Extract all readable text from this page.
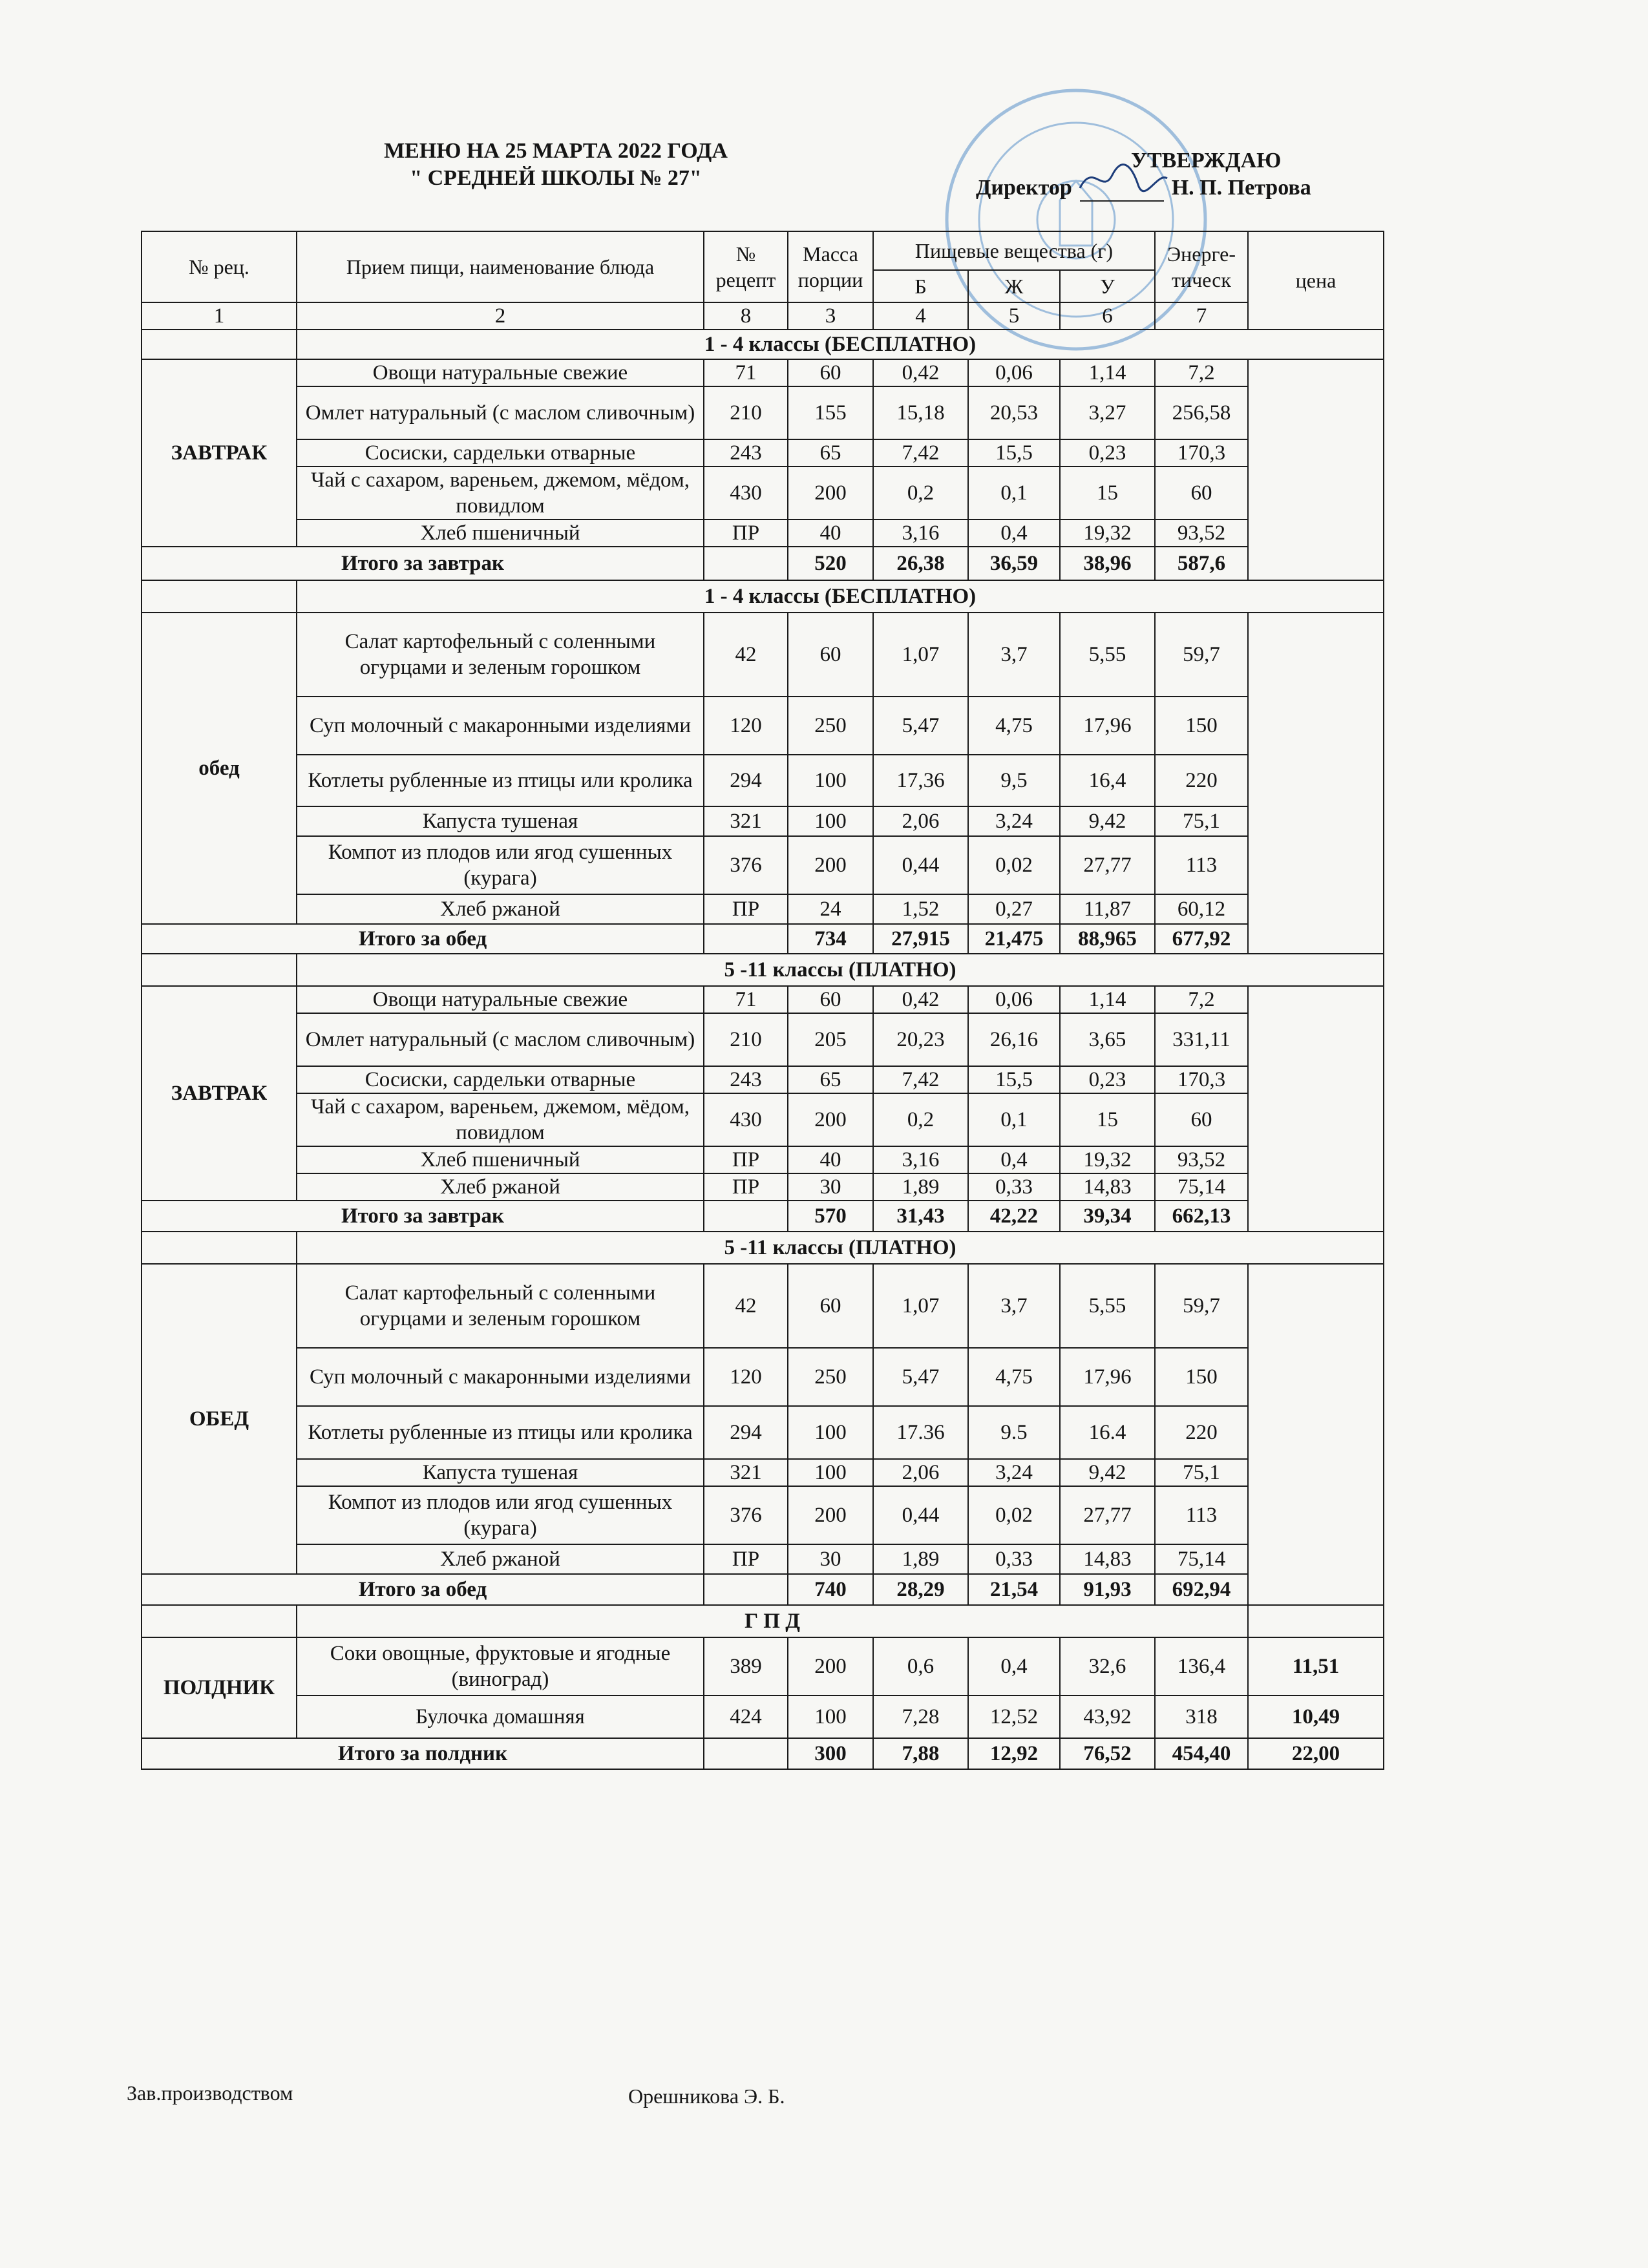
МЕНЮ НА 25 МАРТА 2022 ГОДА
" СРЕДНЕЙ ШКОЛЫ № 27"
УТВЕРЖДАЮ
Директор	Н. П. Петрова
№ рец.	Прием пищи, наименование блюда	№ рецепт	Масса порции	Пищевые вещества (г)			Энерге-тическ	цена
				Б	Ж	У		
1	2	8	3	4	5	6	7	
	1 - 4 классы (БЕСПЛАТНО)							
ЗАВТРАК	Овощи натуральные свежие	71	60	0,42	0,06	1,14	7,2	
	Омлет натуральный (с маслом сливочным)	210	155	15,18	20,53	3,27	256,58	
	Сосиски, сардельки отварные	243	65	7,42	15,5	0,23	170,3	
	Чай с сахаром, вареньем, джемом, мёдом, повидлом	430	200	0,2	0,1	15	60	
	Хлеб пшеничный	ПР	40	3,16	0,4	19,32	93,52	
Итого за завтрак			520	26,38	36,59	38,96	587,6	
	1 - 4 классы (БЕСПЛАТНО)							
обед	Салат картофельный с соленными огурцами и зеленым горошком	42	60	1,07	3,7	5,55	59,7	
	Суп молочный с макаронными изделиями	120	250	5,47	4,75	17,96	150	
	Котлеты рубленные из птицы или кролика	294	100	17,36	9,5	16,4	220	
	Капуста тушеная	321	100	2,06	3,24	9,42	75,1	
	Компот из плодов или ягод сушенных (курага)	376	200	0,44	0,02	27,77	113	
	Хлеб ржаной	ПР	24	1,52	0,27	11,87	60,12	
Итого за обед			734	27,915	21,475	88,965	677,92	
	5 -11 классы (ПЛАТНО)							
ЗАВТРАК	Овощи натуральные свежие	71	60	0,42	0,06	1,14	7,2	
	Омлет натуральный (с маслом сливочным)	210	205	20,23	26,16	3,65	331,11	
	Сосиски, сардельки отварные	243	65	7,42	15,5	0,23	170,3	
	Чай с сахаром, вареньем, джемом, мёдом, повидлом	430	200	0,2	0,1	15	60	
	Хлеб пшеничный	ПР	40	3,16	0,4	19,32	93,52	
	Хлеб ржаной	ПР	30	1,89	0,33	14,83	75,14	
Итого за завтрак			570	31,43	42,22	39,34	662,13	
	5 -11 классы (ПЛАТНО)							
ОБЕД	Салат картофельный с соленными огурцами и зеленым горошком	42	60	1,07	3,7	5,55	59,7	
	Суп молочный с макаронными изделиями	120	250	5,47	4,75	17,96	150	
	Котлеты рубленные из птицы или кролика	294	100	17.36	9.5	16.4	220	
	Капуста тушеная	321	100	2,06	3,24	9,42	75,1	
	Компот из плодов или ягод сушенных (курага)	376	200	0,44	0,02	27,77	113	
	Хлеб ржаной	ПР	30	1,89	0,33	14,83	75,14	
Итого за обед			740	28,29	21,54	91,93	692,94	
	Г П Д							
ПОЛДНИК	Соки овощные, фруктовые и ягодные (виноград)	389	200	0,6	0,4	32,6	136,4	11,51
	Булочка домашняя	424	100	7,28	12,52	43,92	318	10,49
Итого за полдник			300	7,88	12,92	76,52	454,40	22,00
Зав.производством	Орешникова Э. Б.
